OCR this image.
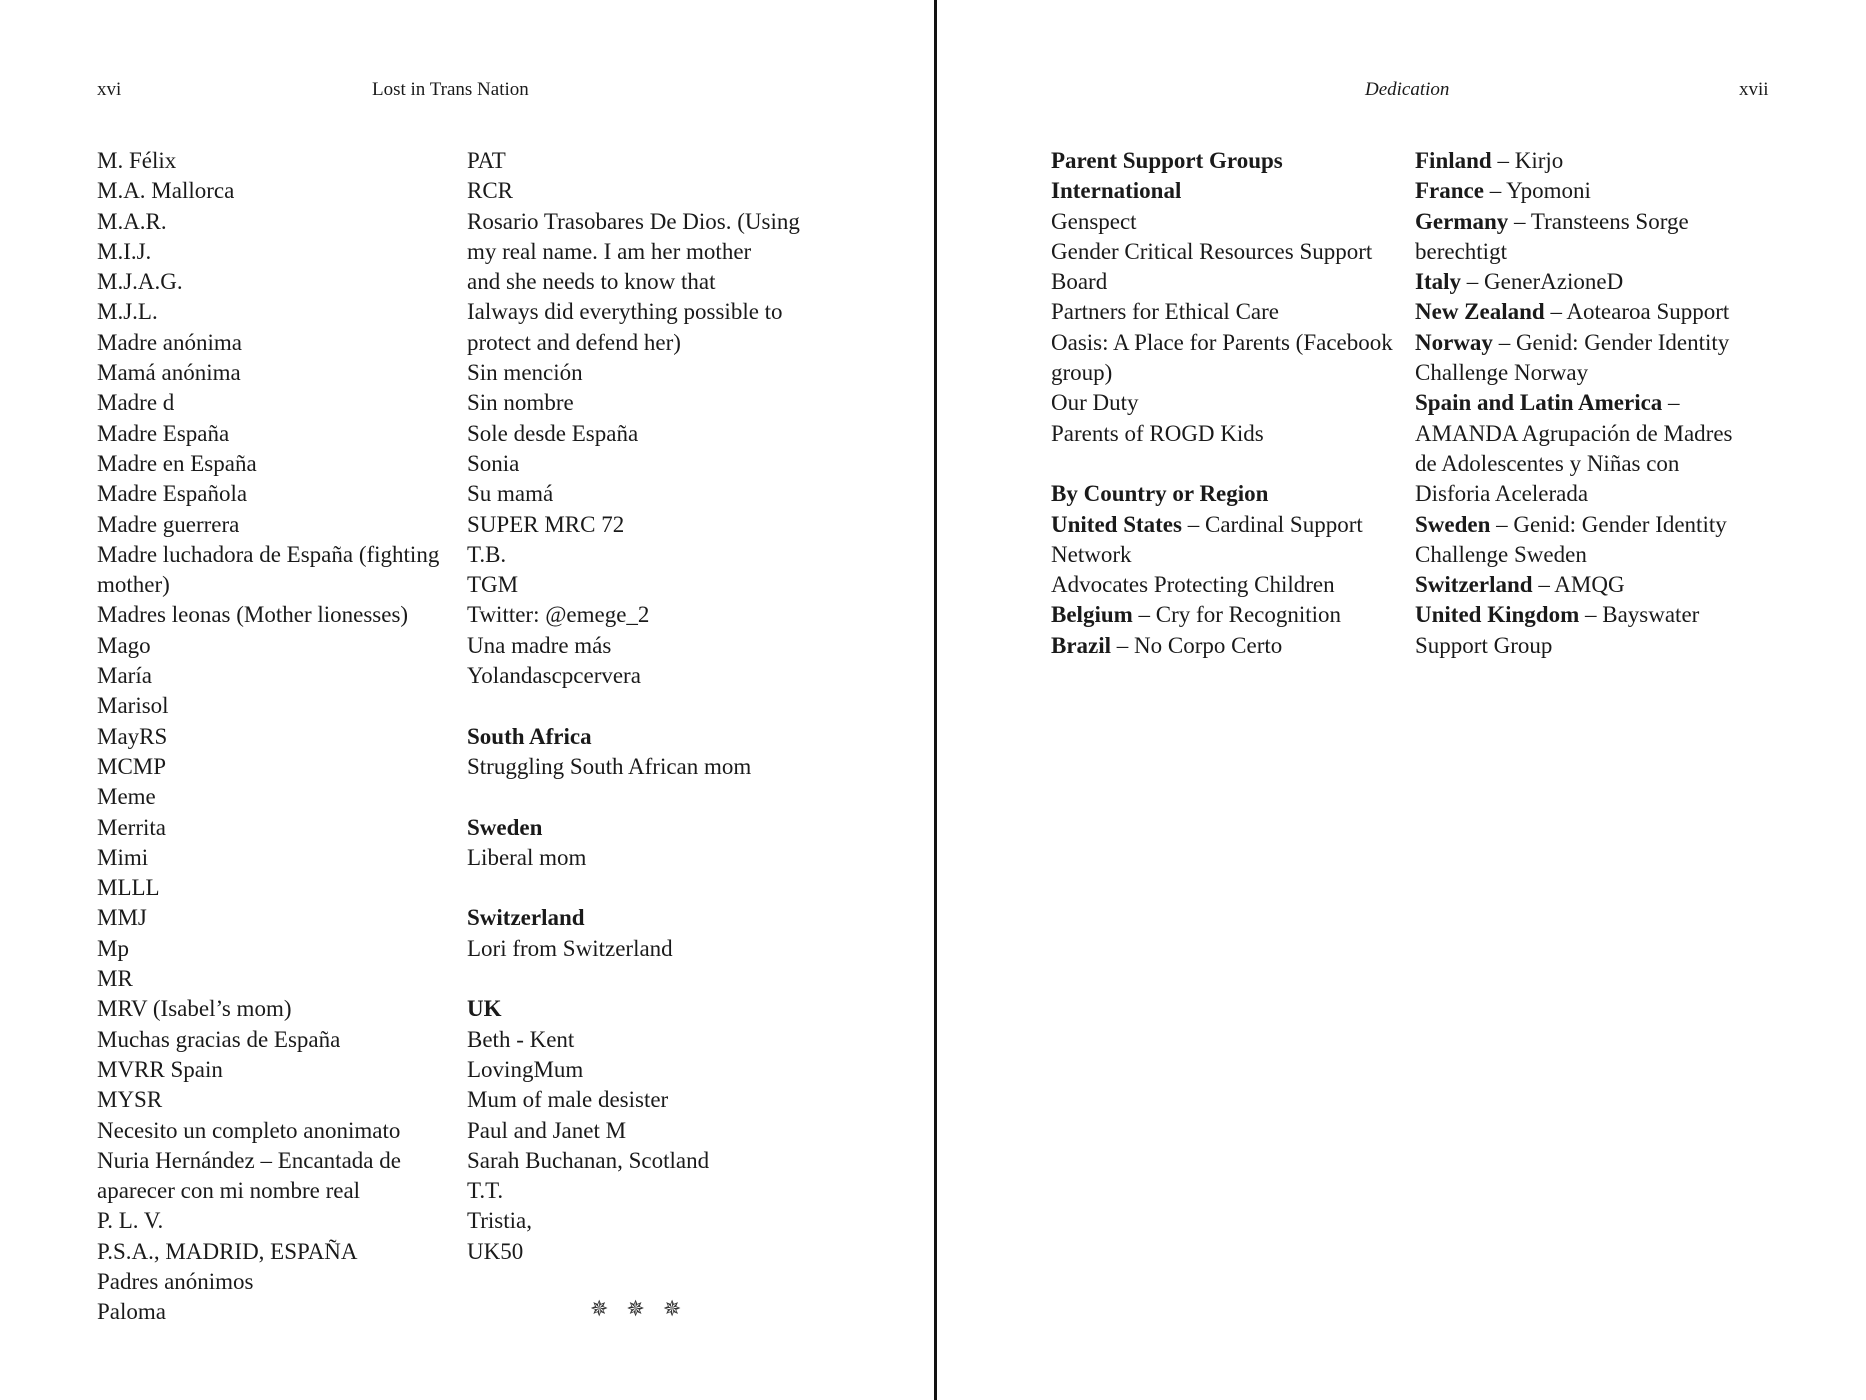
xvi	Lost in Trans Nation
M. Félix
M.A. Mallorca
M.A.R.
M.I.J.
M.J.A.G.
M.J.L.
Madre anónima
Mamá anónima
Madre d
Madre España
Madre en España
Madre Española
Madre guerrera
Madre luchadora de España (fighting
mother)
Madres leonas (Mother lionesses)
Mago
María
Marisol
MayRS
MCMP
Meme
Merrita
Mimi
MLLL
MMJ
Mp
MR
MRV (Isabel’s mom)
Muchas gracias de España
MVRR Spain
MYSR
Necesito un completo anonimato
Nuria Hernández – Encantada de
aparecer con mi nombre real
P. L. V.
P.S.A., MADRID, ESPAÑA
Padres anónimos
Paloma
PAT
RCR
Rosario Trasobares De Dios. (Using
my real name. I am her mother
and she needs to know that
Ialways did everything possible to
protect and defend her)
Sin mención
Sin nombre
Sole desde España
Sonia
Su mamá
SUPER MRC 72
T.B.
TGM
Twitter: @emege_2
Una madre más
Yolandascpcervera
South Africa
Struggling South African mom
Sweden
Liberal mom
Switzerland
Lori from Switzerland
UK
Beth - Kent
LovingMum
Mum of male desister
Paul and Janet M
Sarah Buchanan, Scotland
T.T.
Tristia,
UK50
✵✵✵
Dedication	xvii
Parent Support Groups
International
Genspect
Gender Critical Resources Support
Board
Partners for Ethical Care
Oasis: A Place for Parents (Facebook
group)
Our Duty
Parents of ROGD Kids
By Country or Region
United States – Cardinal Support
Network
Advocates Protecting Children
Belgium – Cry for Recognition
Brazil – No Corpo Certo
Finland – Kirjo
France – Ypomoni
Germany – Transteens Sorge
berechtigt
Italy – GenerAzioneD
New Zealand – Aotearoa Support
Norway – Genid: Gender Identity
Challenge Norway
Spain and Latin America –
AMANDA Agrupación de Madres
de Adolescentes y Niñas con
Disforia Acelerada
Sweden – Genid: Gender Identity
Challenge Sweden
Switzerland – AMQG
United Kingdom – Bayswater
Support Group
